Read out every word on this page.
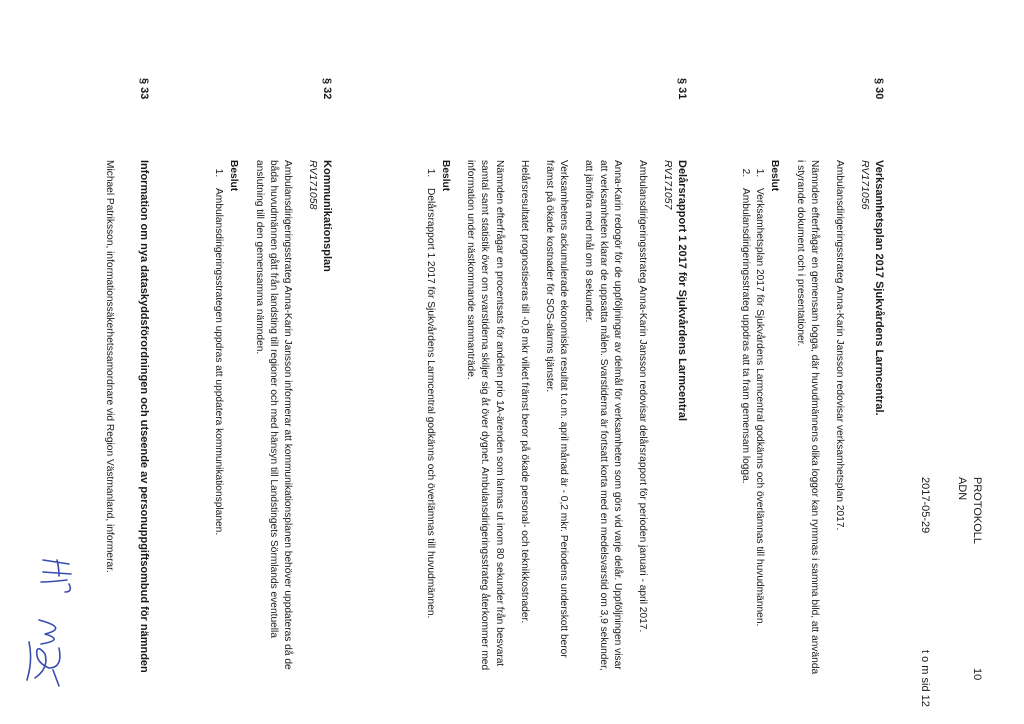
PROTOKOLL
10
ADN
2017-05-29
t o m sid 12
§ 30
Verksamhetsplan 2017 Sjukvårdens Larmcentral.
RV171056

Ambulansdirigeringsstrateg Anna-Karin Jansson redovisar verksamhetsplan 2017.

Nämnden efterfrågar en gemensam logga, där huvudmännens olika loggor kan rymmas i samma bild, att använda i styrande dokument och i presentationer.

Beslut
1. Verksamhetsplan 2017 för Sjukvårdens Larmcentral godkänns och överlämnas till huvudmännen.
2. Ambulansdirigeringsstrateg uppdras att ta fram gemensam logga.
§ 31
Delårsrapport 1 2017 för Sjukvårdens Larmcentral
RV171057

Ambulansdirigeringsstrateg Anna-Karin Jansson redovisar delårsrapport för perioden januari - april 2017.

Anna-Karin redogör för de uppföljningar av delmål för verksamheten som görs vid varje delår. Uppföljningen visar att verksamheten klarar de uppsatta målen. Svarstiderna är fortsatt korta med en medelsvarstid om 3,9 sekunder, att jämföra med mål om 8 sekunder.

Verksamhetens ackumulerade ekonomiska resultat t.o.m. april månad är - 0,2 mkr. Periodens underskott beror främst på ökade kostnader för SOS-alarms tjänster.

Helårsresultatet prognostiseras till -0,8 mkr vilket främst beror på ökade personal- och teknikkostnader.

Nämnden efterfrågar en procentsats för andelen prio 1A-ärenden som larmas ut inom 80 sekunder från besvarat samtal samt statistik över om svarstiderna skiljer sig åt över dygnet. Ambulansdirigeringsstrateg återkommer med information under nästkommande sammanträde.

Beslut
1. Delårsrapport 1 2017 för Sjukvårdens Larmcentral godkänns och överlämnas till huvudmännen.
§ 32
Kommunikationsplan
RV171058

Ambulansdirigeringsstrateg Anna-Karin Jansson informerar att kommunikationsplanen behöver uppdateras då de båda huvudmännen gått från landsting till regioner och med hänsyn till Landstingets Sörmlands eventuella anslutning till den gemensamma nämnden.

Beslut
1. Ambulansdirigeringsstrategen uppdras att uppdatera kommunikationsplanen.
§ 33
Information om nya dataskyddsförordningen och utseende av personuppgiftsombud för nämnden

Michael Patriksson, informationssäkerhetssamordnare vid Region Västmanland, informerar.

HM
MH
